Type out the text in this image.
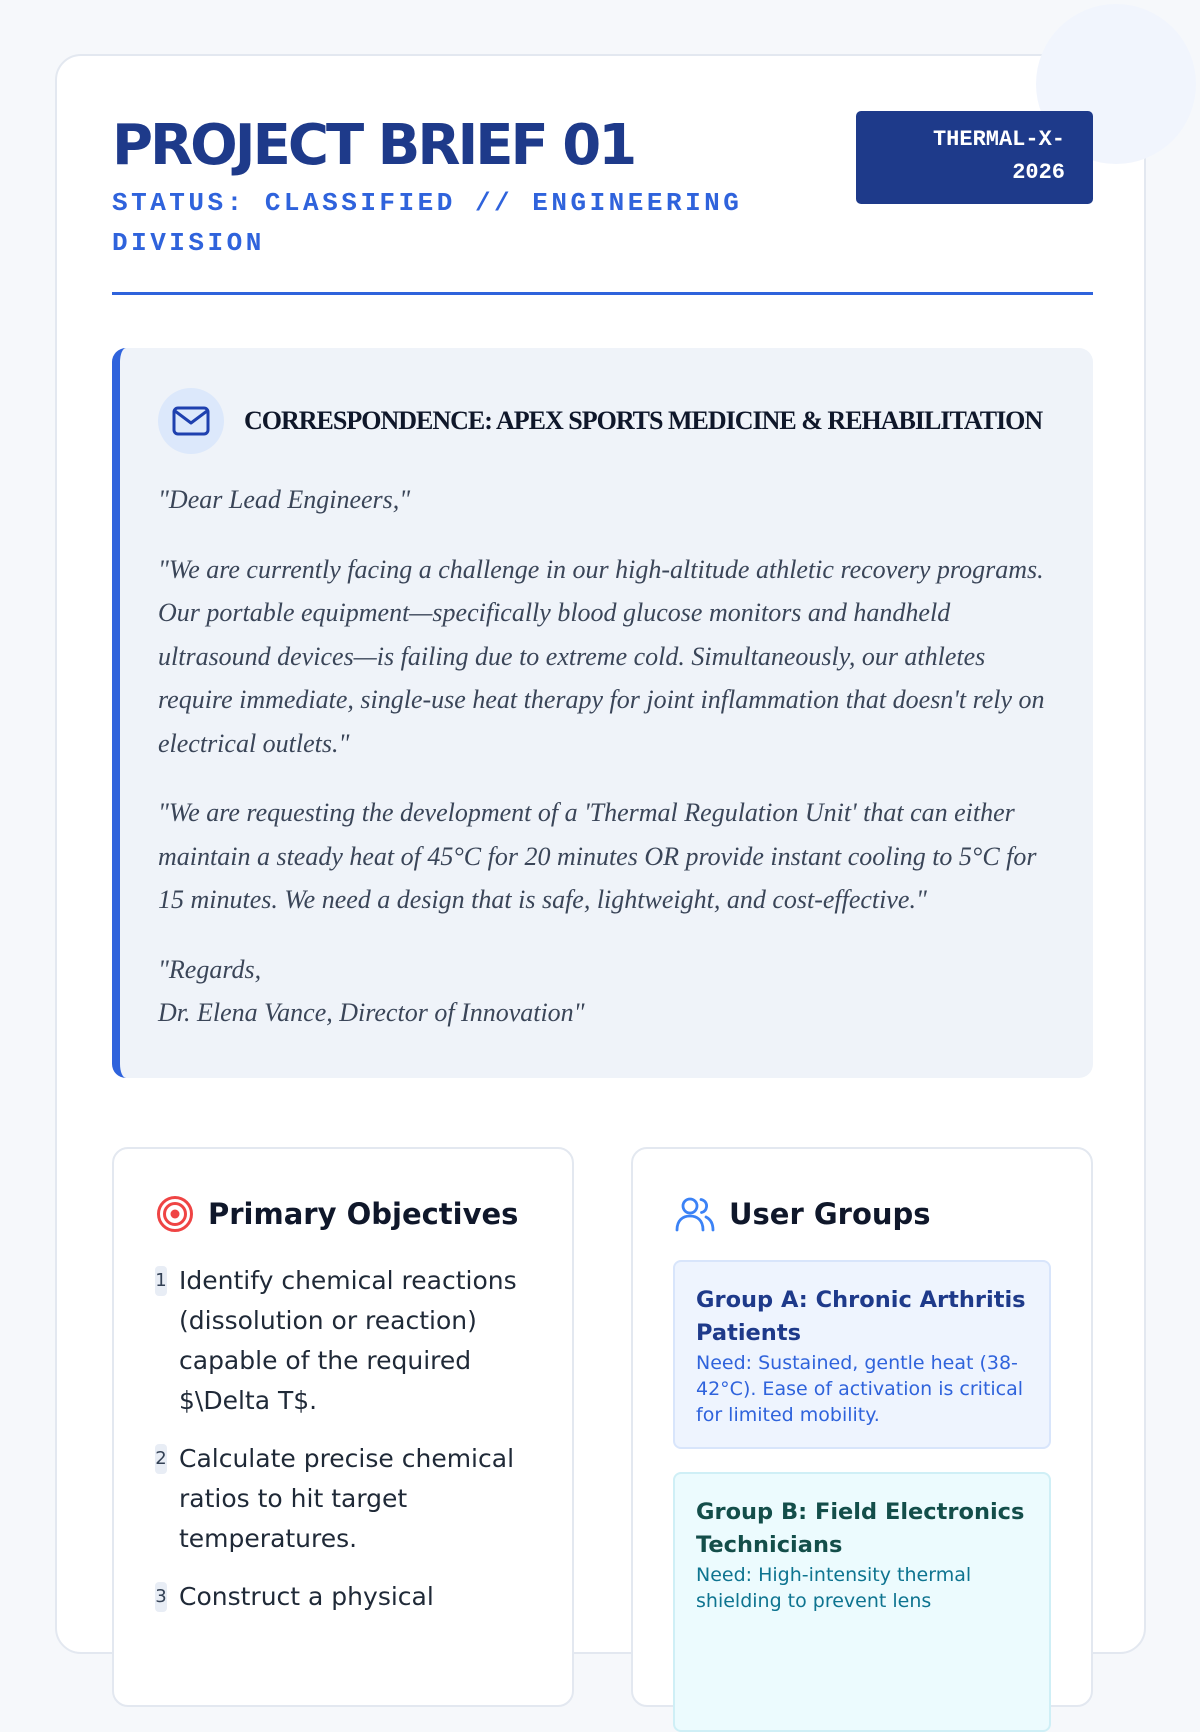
PROJECT BRIEF 01
STATUS: CLASSIFIED // ENGINEERING DIVISION
THERMAL-X-2026
CORRESPONDENCE: APEX SPORTS MEDICINE & REHABILITATION

"Dear Lead Engineers,"

"We are currently facing a challenge in our high-altitude athletic recovery programs. Our portable equipment—specifically blood glucose monitors and handheld ultrasound devices—is failing due to extreme cold. Simultaneously, our athletes require immediate, single-use heat therapy for joint inflammation that doesn't rely on electrical outlets."

"We are requesting the development of a 'Thermal Regulation Unit' that can either maintain a steady heat of 45°C for 20 minutes OR provide instant cooling to 5°C for 15 minutes. We need a design that is safe, lightweight, and cost-effective."

"Regards,
Dr. Elena Vance, Director of Innovation"
Primary Objectives
1 Identify chemical reactions (dissolution or reaction) capable of the required $\Delta T$.
2 Calculate precise chemical ratios to hit target temperatures.
3 Construct a physical
User Groups
Group A: Chronic Arthritis Patients
Need: Sustained, gentle heat (38-42°C). Ease of activation is critical for limited mobility.
Group B: Field Electronics Technicians
Need: High-intensity thermal shielding to prevent lens
